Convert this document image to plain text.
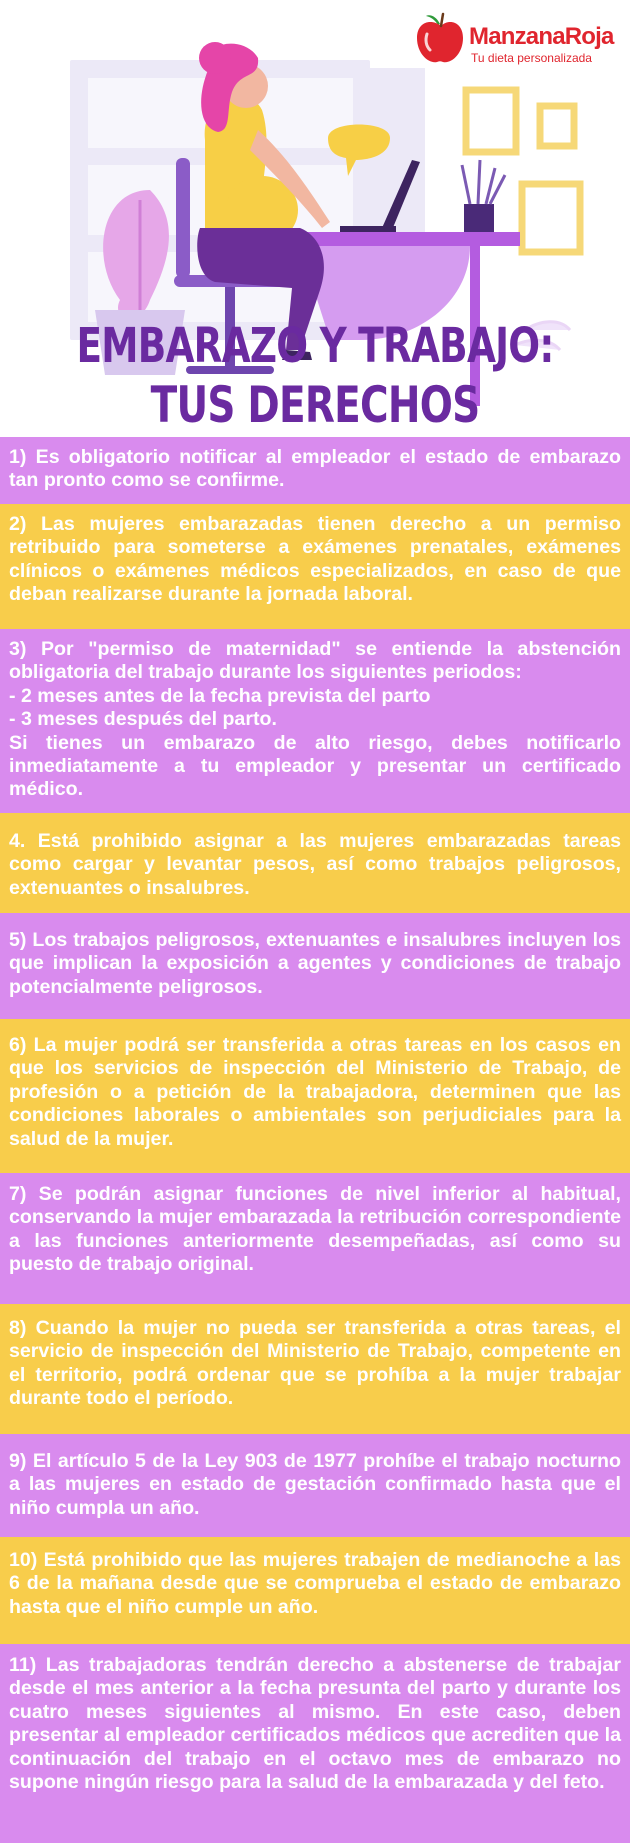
ManzanaRoja
Tu dieta personalizada
EMBARAZO Y TRABAJO:
TUS DERECHOS

1) Es obligatorio notificar al empleador el estado de embarazo tan pronto como se confirme.

2) Las mujeres embarazadas tienen derecho a un permiso retribuido para someterse a exámenes prenatales, exámenes clínicos o exámenes médicos especializados, en caso de que deban realizarse durante la jornada laboral.

3) Por "permiso de maternidad" se entiende la abstención obligatoria del trabajo durante los siguientes periodos:

- 2 meses antes de la fecha prevista del parto
- 3 meses después del parto.

Si tienes un embarazo de alto riesgo, debes notificarlo inmediatamente a tu empleador y presentar un certificado médico.

4. Está prohibido asignar a las mujeres embarazadas tareas como cargar y levantar pesos, así como trabajos peligrosos, extenuantes o insalubres.

5) Los trabajos peligrosos, extenuantes e insalubres incluyen los que implican la exposición a agentes y condiciones de trabajo potencialmente peligrosos.

6) La mujer podrá ser transferida a otras tareas en los casos en que los servicios de inspección del Ministerio de Trabajo, de profesión o a petición de la trabajadora, determinen que las condiciones laborales o ambientales son perjudiciales para la salud de la mujer.

7) Se podrán asignar funciones de nivel inferior al habitual, conservando la mujer embarazada la retribución correspondiente a las funciones anteriormente desempeñadas, así como su puesto de trabajo original.

8) Cuando la mujer no pueda ser transferida a otras tareas, el servicio de inspección del Ministerio de Trabajo, competente en el territorio, podrá ordenar que se prohíba a la mujer trabajar durante todo el período.

9) El artículo 5 de la Ley 903 de 1977 prohíbe el trabajo nocturno a las mujeres en estado de gestación confirmado hasta que el niño cumpla un año.

10) Está prohibido que las mujeres trabajen de medianoche a las 6 de la mañana desde que se comprueba el estado de embarazo hasta que el niño cumple un año.

11) Las trabajadoras tendrán derecho a abstenerse de trabajar desde el mes anterior a la fecha presunta del parto y durante los cuatro meses siguientes al mismo. En este caso, deben presentar al empleador certificados médicos que acrediten que la continuación del trabajo en el octavo mes de embarazo no supone ningún riesgo para la salud de la embarazada y del feto.
